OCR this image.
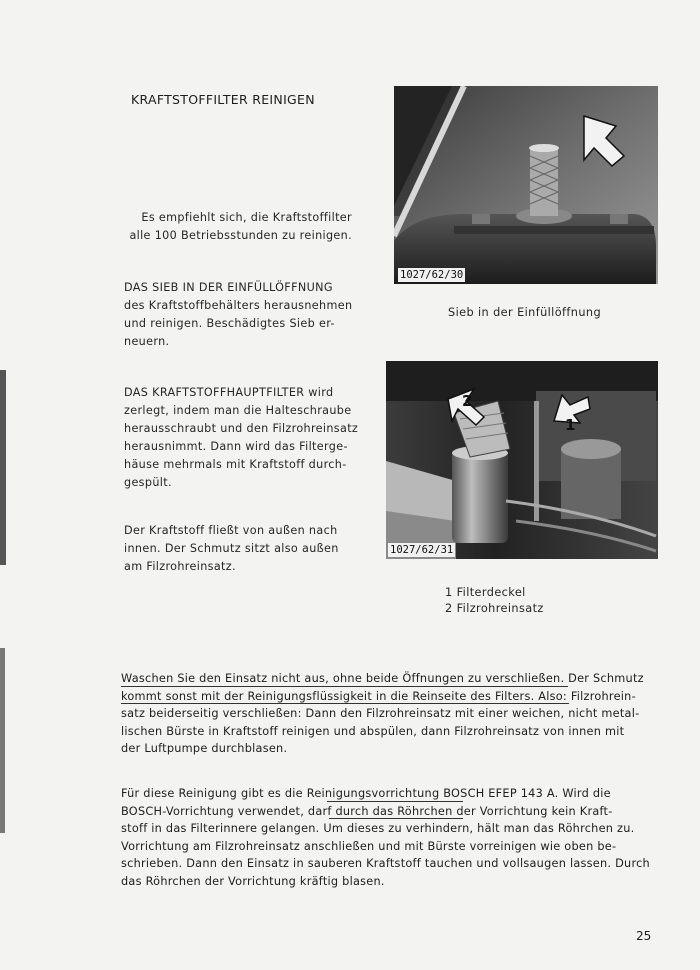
KRAFTSTOFFILTER REINIGEN
Es empfiehlt sich, die Kraftstoffilter
alle 100 Betriebsstunden zu reinigen.
DAS SIEB IN DER EINFÜLLÖFFNUNG
des Kraftstoffbehälters herausnehmen
und reinigen. Beschädigtes Sieb er-
neuern.
DAS KRAFTSTOFFHAUPTFILTER wird
zerlegt, indem man die Halteschraube
herausschraubt und den Filzrohreinsatz
herausnimmt. Dann wird das Filterge-
häuse mehrmals mit Kraftstoff durch-
gespült.
Der Kraftstoff fließt von außen nach
innen. Der Schmutz sitzt also außen
am Filzrohreinsatz.
1027/62/30
Sieb in der Einfüllöffnung
2
1
1027/62/31
1 Filterdeckel
2 Filzrohreinsatz
Waschen Sie den Einsatz nicht aus, ohne beide Öffnungen zu verschließen. Der Schmutz
kommt sonst mit der Reinigungsflüssigkeit in die Reinseite des Filters. Also: Filzrohrein-
satz beiderseitig verschließen: Dann den Filzrohreinsatz mit einer weichen, nicht metal-
lischen Bürste in Kraftstoff reinigen und abspülen, dann Filzrohreinsatz von innen mit
der Luftpumpe durchblasen.
Für diese Reinigung gibt es die Reinigungsvorrichtung BOSCH EFEP 143 A. Wird die
BOSCH-Vorrichtung verwendet, darf durch das Röhrchen der Vorrichtung kein Kraft-
stoff in das Filterinnere gelangen. Um dieses zu verhindern, hält man das Röhrchen zu.
Vorrichtung am Filzrohreinsatz anschließen und mit Bürste vorreinigen wie oben be-
schrieben. Dann den Einsatz in sauberen Kraftstoff tauchen und vollsaugen lassen. Durch
das Röhrchen der Vorrichtung kräftig blasen.
25
